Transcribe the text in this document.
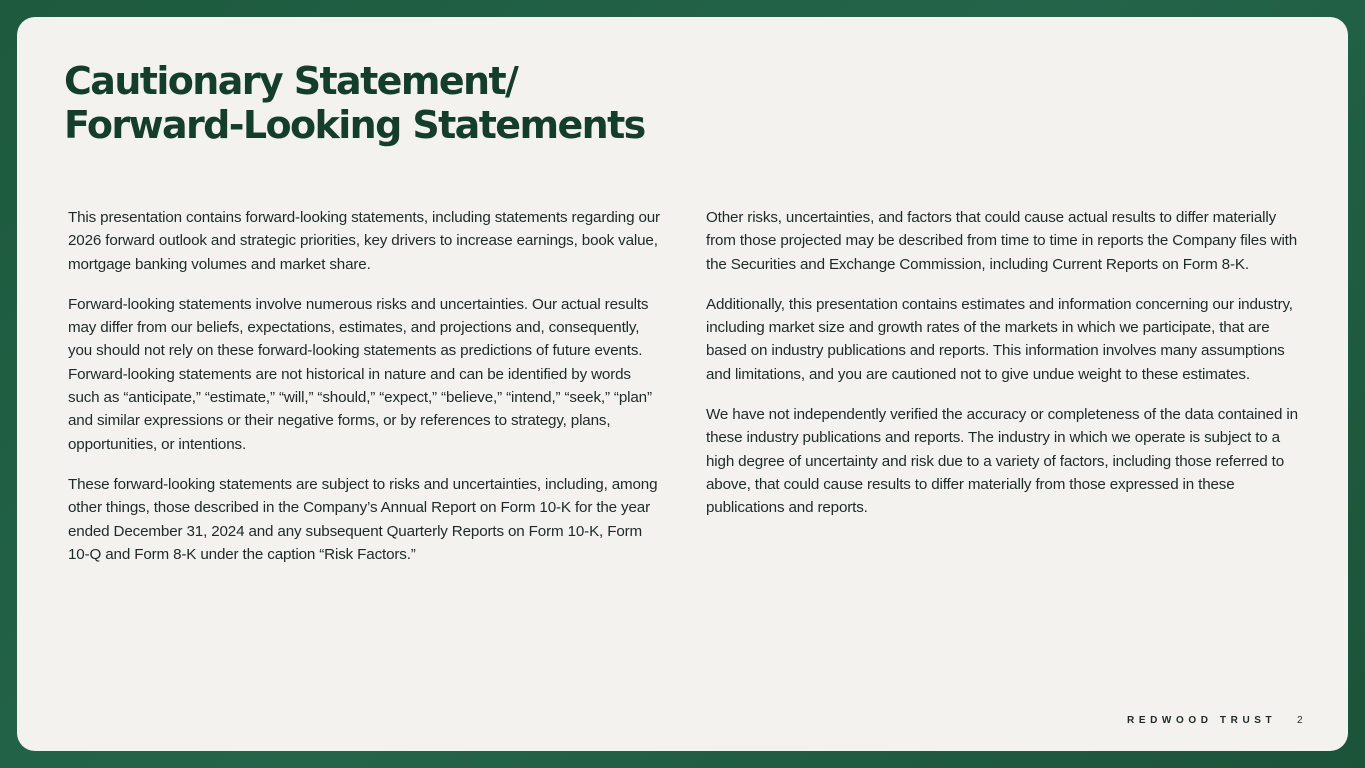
Cautionary Statement/
Forward-Looking Statements

This presentation contains forward-looking statements, including statements regarding our 2026 forward outlook and strategic priorities, key drivers to increase earnings, book value, mortgage banking volumes and market share.

Forward-looking statements involve numerous risks and uncertainties. Our actual results may differ from our beliefs, expectations, estimates, and projections and, consequently, you should not rely on these forward-looking statements as predictions of future events. Forward-looking statements are not historical in nature and can be identified by words such as “anticipate,” “estimate,” “will,” “should,” “expect,” “believe,” “intend,” “seek,” “plan” and similar expressions or their negative forms, or by references to strategy, plans, opportunities, or intentions.

These forward-looking statements are subject to risks and uncertainties, including, among other things, those described in the Company’s Annual Report on Form 10-K for the year ended December 31, 2024 and any subsequent Quarterly Reports on Form 10-K, Form 10-Q and Form 8-K under the caption “Risk Factors.”

Other risks, uncertainties, and factors that could cause actual results to differ materially from those projected may be described from time to time in reports the Company files with the Securities and Exchange Commission, including Current Reports on Form 8-K.

Additionally, this presentation contains estimates and information concerning our industry, including market size and growth rates of the markets in which we participate, that are based on industry publications and reports. This information involves many assumptions and limitations, and you are cautioned not to give undue weight to these estimates.

We have not independently verified the accuracy or completeness of the data contained in these industry publications and reports. The industry in which we operate is subject to a high degree of uncertainty and risk due to a variety of factors, including those referred to above, that could cause results to differ materially from those expressed in these publications and reports.

REDWOOD TRUST 2
